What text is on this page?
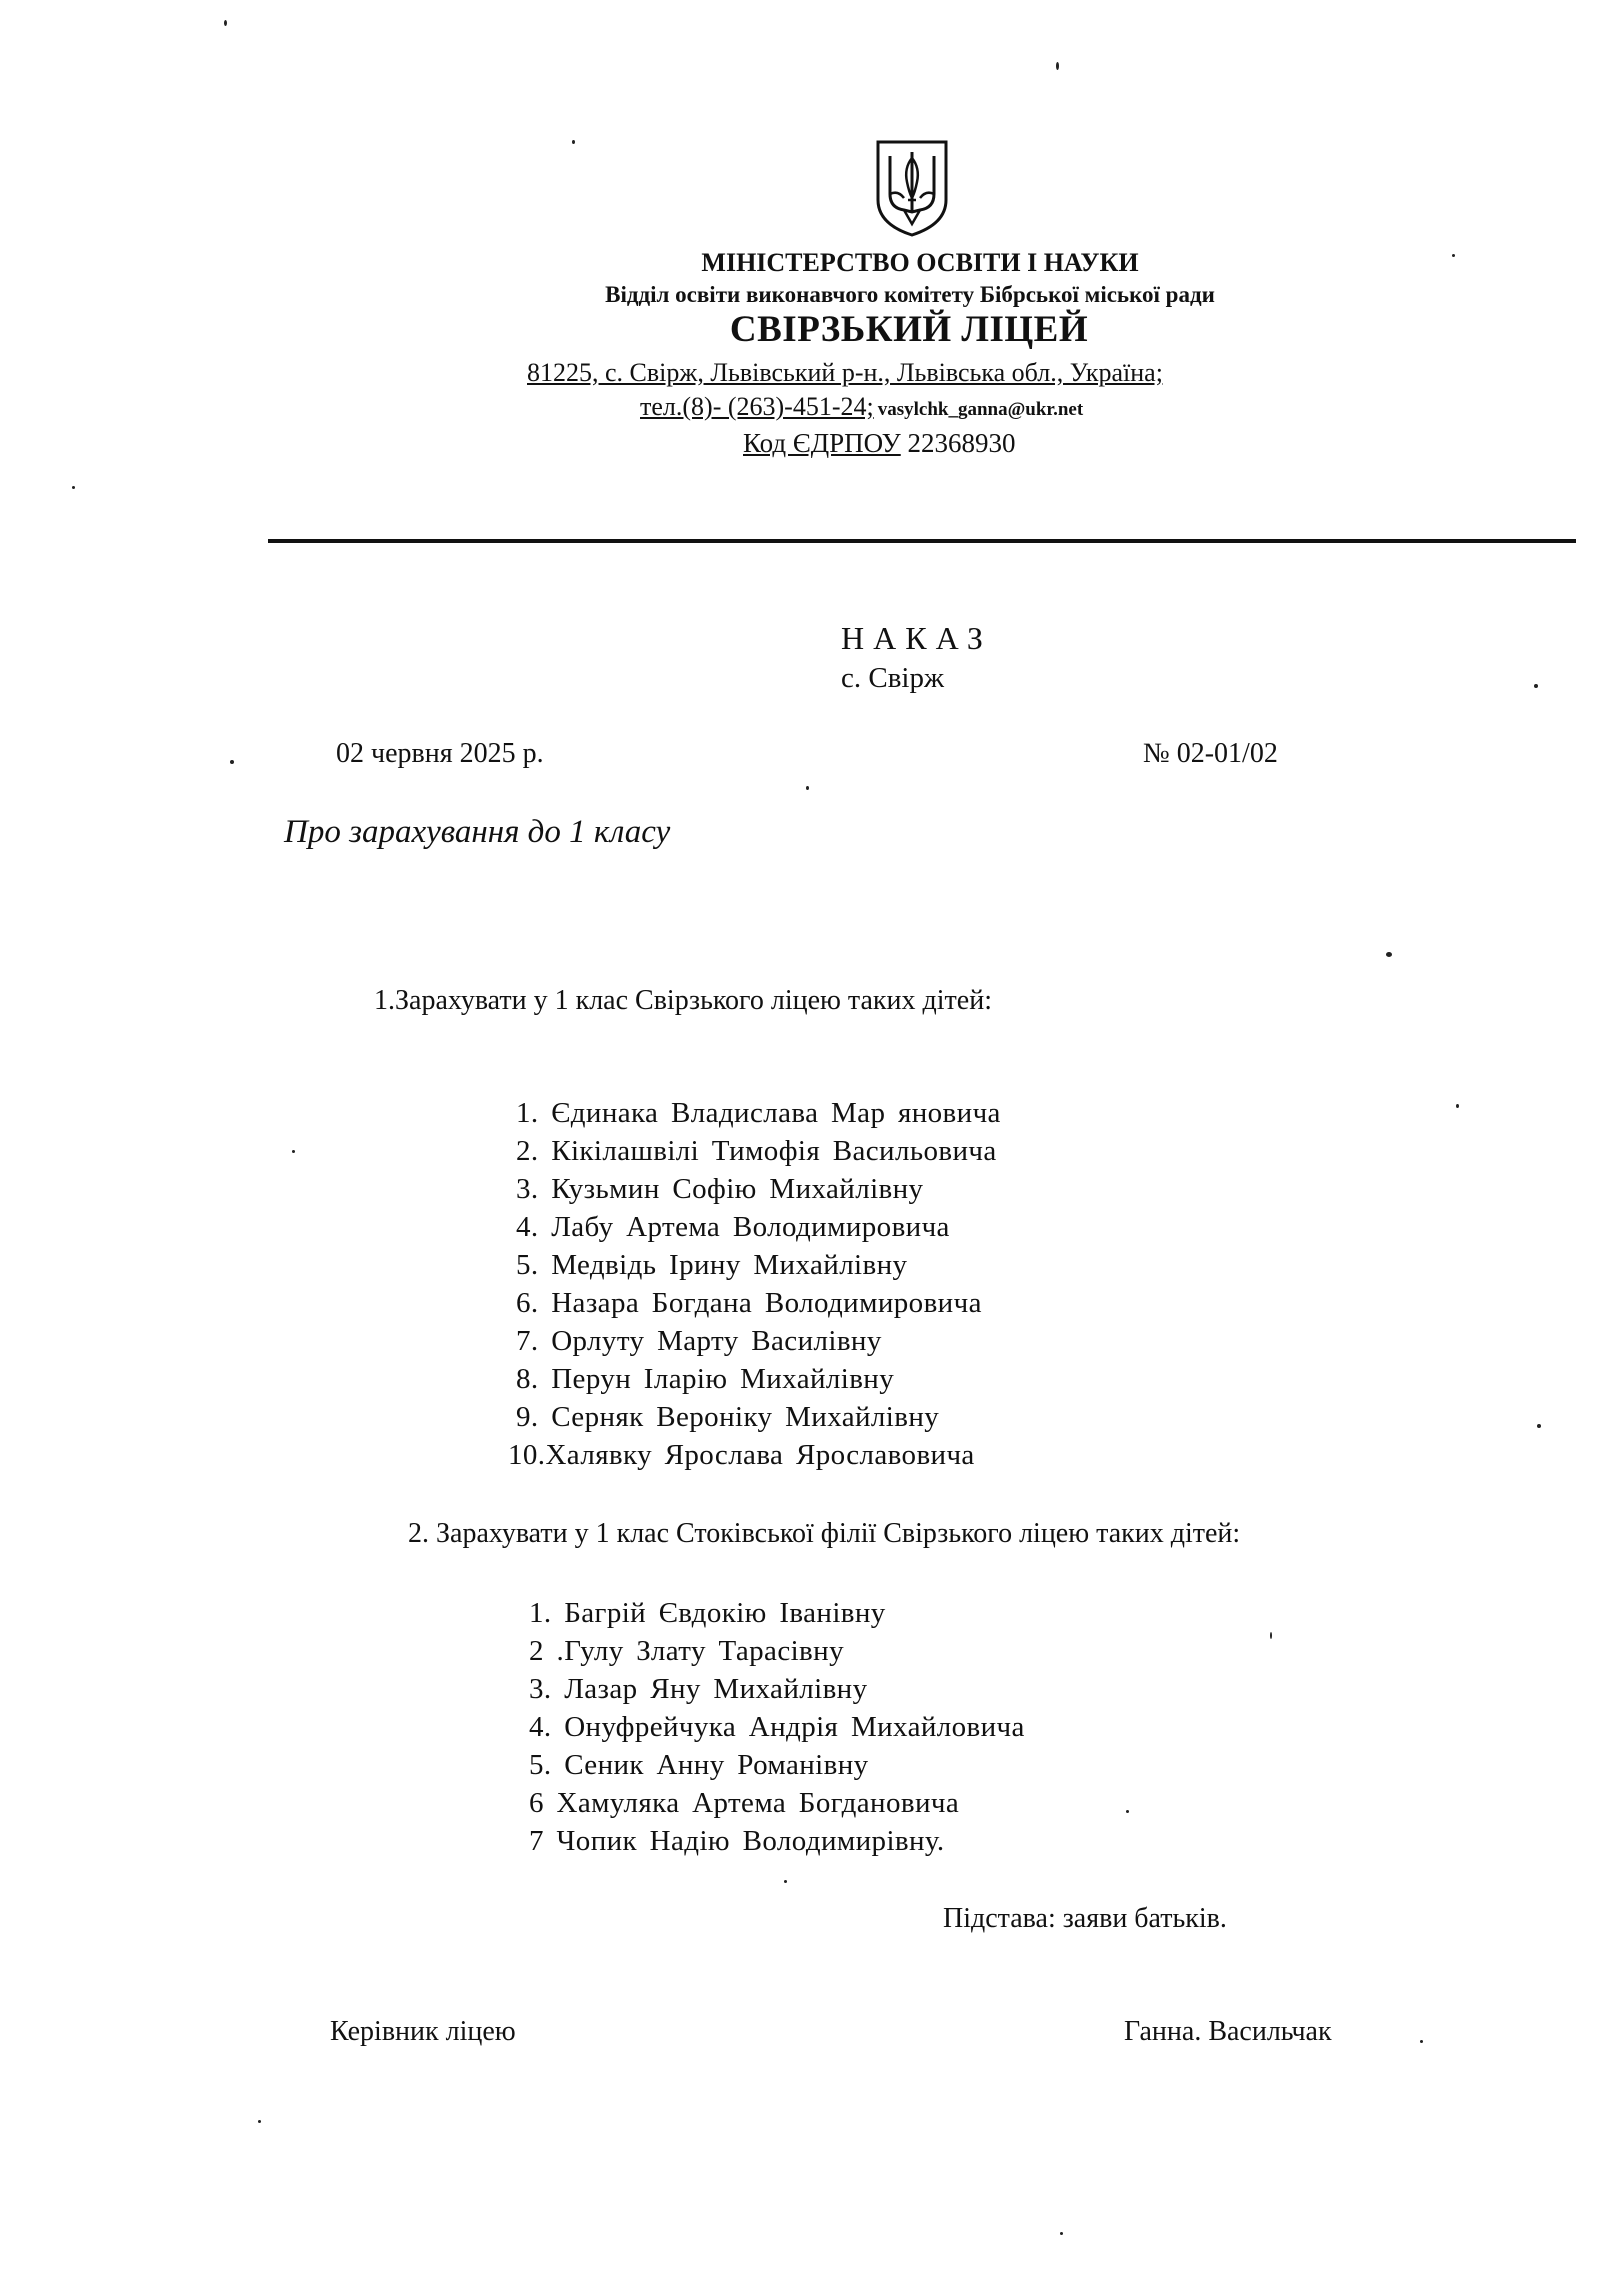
МІНІСТЕРСТВО ОСВІТИ І НАУКИ
Відділ освіти виконавчого комітету Бібрської міської ради
СВІРЗЬКИЙ ЛІЦЕЙ
81225, с. Свірж, Львівський р-н., Львівська обл., Україна;
тел.(8)- (263)-451-24; vasylchk_ganna@ukr.net
Код ЄДРПОУ 22368930
НАКАЗ
с. Свірж
02 червня 2025 р.	№ 02-01/02
Про зарахування до 1 класу
1.Зарахувати у 1 клас Свірзького ліцею таких дітей:
1. Єдинака Владислава Мар яновича
2. Кікілашвілі Тимофія Васильовича
3. Кузьмин Софію Михайлівну
4. Лабу Артема Володимировича
5. Медвідь Ірину Михайлівну
6. Назара Богдана Володимировича
7. Орлуту Марту Василівну
8. Перун Іларію Михайлівну
9. Серняк Вероніку Михайлівну
10.Халявку Ярослава Ярославовича
2. Зарахувати у 1 клас Стоківської філії Свірзького ліцею таких дітей:
1. Багрій Євдокію Іванівну
2 .Гулу Злату Тарасівну
3. Лазар Яну Михайлівну
4. Онуфрейчука Андрія Михайловича
5. Сеник Анну Романівну
6 Хамуляка Артема Богдановича
7 Чопик Надію Володимирівну.
Підстава: заяви батьків.
Керівник ліцею	Ганна. Васильчак
